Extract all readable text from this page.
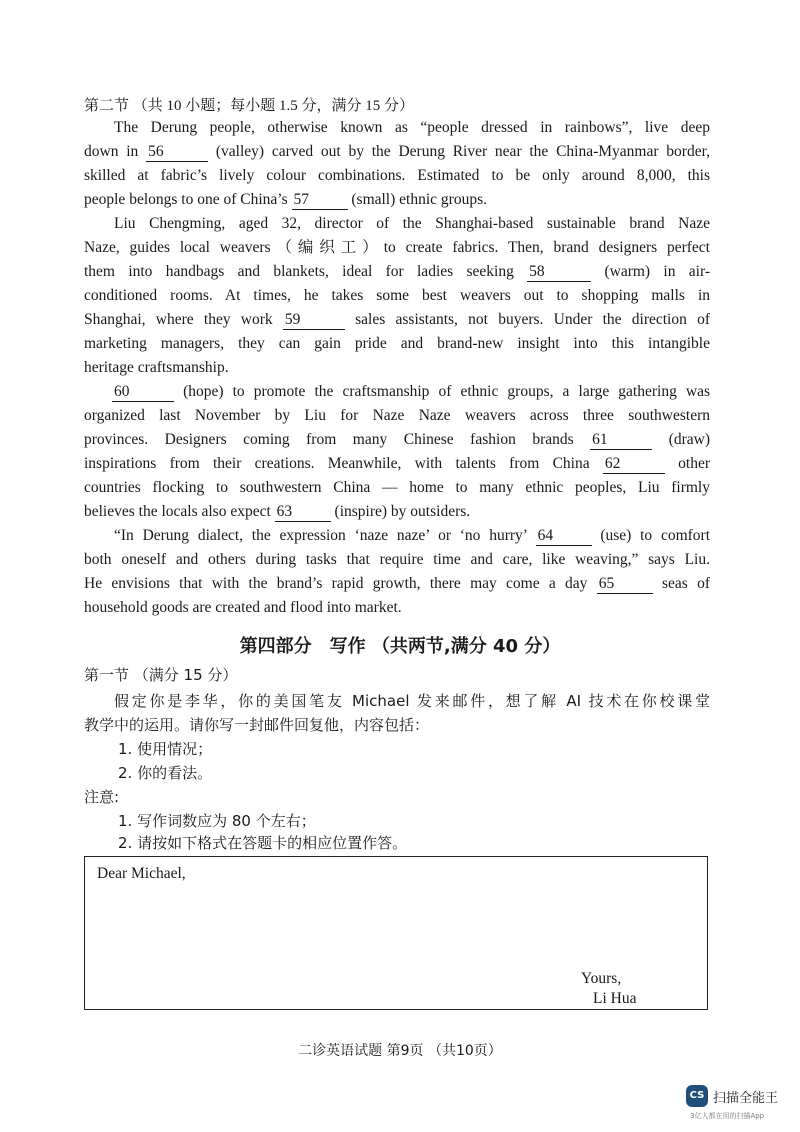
第二节 （共 10 小题；每小题 1.5 分，满分 15 分）
The Derung people, otherwise known as “people dressed in rainbows”, live deep
down in 56	(valley) carved out by the Derung River near the China-Myanmar border,
skilled at fabric’s lively colour combinations. Estimated to be only around 8,000, this
people belongs to one of China’s 57	(small) ethnic groups.
Liu Chengming, aged 32, director of the Shanghai-based sustainable brand Naze
Naze, guides local weavers（编织工）to create fabrics. Then, brand designers perfect
them into handbags and blankets, ideal for ladies seeking 58	(warm) in air-
conditioned rooms. At times, he takes some best weavers out to shopping malls in
Shanghai, where they work 59	sales assistants, not buyers. Under the direction of
marketing managers, they can gain pride and brand-new insight into this intangible
heritage craftsmanship.
60	(hope) to promote the craftsmanship of ethnic groups, a large gathering was
organized last November by Liu for Naze Naze weavers across three southwestern
provinces. Designers coming from many Chinese fashion brands 61	(draw)
inspirations from their creations. Meanwhile, with talents from China 62	other
countries flocking to southwestern China — home to many ethnic peoples, Liu firmly
believes the locals also expect 63	(inspire) by outsiders.
“In Derung dialect, the expression ‘naze naze’ or ‘no hurry’ 64	(use) to comfort
both oneself and others during tasks that require time and care, like weaving,” says Liu.
He envisions that with the brand’s rapid growth, there may come a day 65	seas of
household goods are created and flood into market.
第四部分　写作 （共两节,满分 40 分）
第一节 （满分 15 分）
假定你是李华，你的美国笔友 Michael 发来邮件，想了解 AI 技术在你校课堂
教学中的运用。请你写一封邮件回复他，内容包括：
1. 使用情况；
2. 你的看法。
注意:
1. 写作词数应为 80 个左右；
2. 请按如下格式在答题卡的相应位置作答。
Dear Michael,
Yours,
Li Hua
二诊英语试题 第9页 （共10页）
CS 扫描全能王
3亿人都在用的扫描App
